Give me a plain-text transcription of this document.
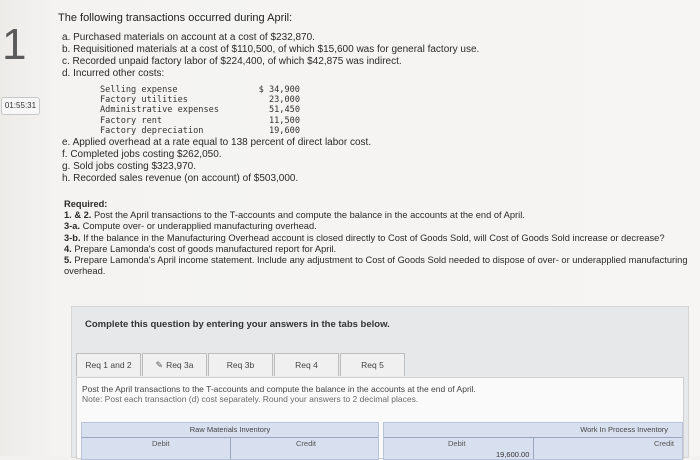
1
01:55:31
The following transactions occurred during April:
a. Purchased materials on account at a cost of $232,870.
b. Requisitioned materials at a cost of $110,500, of which $15,600 was for general factory use.
c. Recorded unpaid factory labor of $224,400, of which $42,875 was indirect.
d. Incurred other costs:
Selling expense	$ 34,900
Factory utilities	23,000
Administrative expenses	51,450
Factory rent	11,500
Factory depreciation	19,600
e. Applied overhead at a rate equal to 138 percent of direct labor cost.
f. Completed jobs costing $262,050.
g. Sold jobs costing $323,970.
h. Recorded sales revenue (on account) of $503,000.
Required:
1. & 2. Post the April transactions to the T-accounts and compute the balance in the accounts at the end of April.
3-a. Compute over- or underapplied manufacturing overhead.
3-b. If the balance in the Manufacturing Overhead account is closed directly to Cost of Goods Sold, will Cost of Goods Sold increase or decrease?
4. Prepare Lamonda's cost of goods manufactured report for April.
5. Prepare Lamonda's April income statement. Include any adjustment to Cost of Goods Sold needed to dispose of over- or underapplied manufacturing overhead.
Complete this question by entering your answers in the tabs below.
Req 1 and 2	✎ Req 3a	Req 3b	Req 4	Req 5
Post the April transactions to the T-accounts and compute the balance in the accounts at the end of April.
Note: Post each transaction (d) cost separately. Round your answers to 2 decimal places.
Raw Materials Inventory
Debit	Credit
Work In Process Inventory
Debit	Credit
19,600.00
